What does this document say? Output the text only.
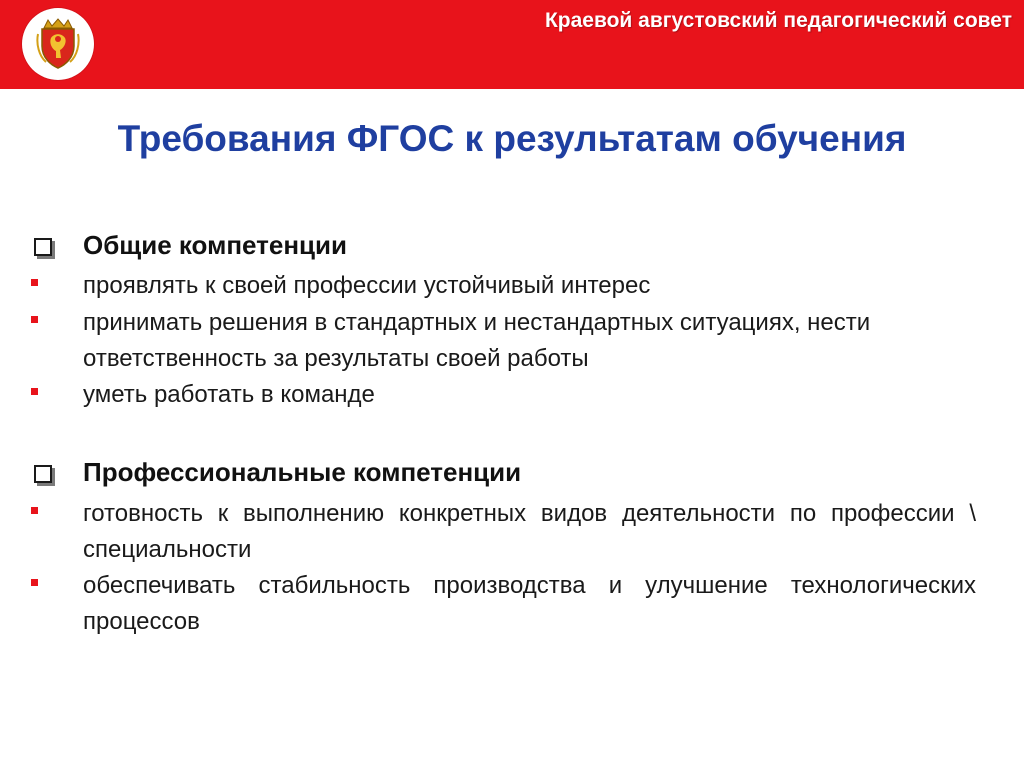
Краевой августовский педагогический совет
Требования ФГОС к результатам обучения
Общие компетенции
проявлять к своей профессии устойчивый интерес
принимать решения в стандартных и нестандартных ситуациях, нести ответственность за результаты своей работы
уметь работать в команде
Профессиональные компетенции
готовность к выполнению конкретных видов деятельности по профессии \ специальности
обеспечивать стабильность производства и улучшение технологических процессов
